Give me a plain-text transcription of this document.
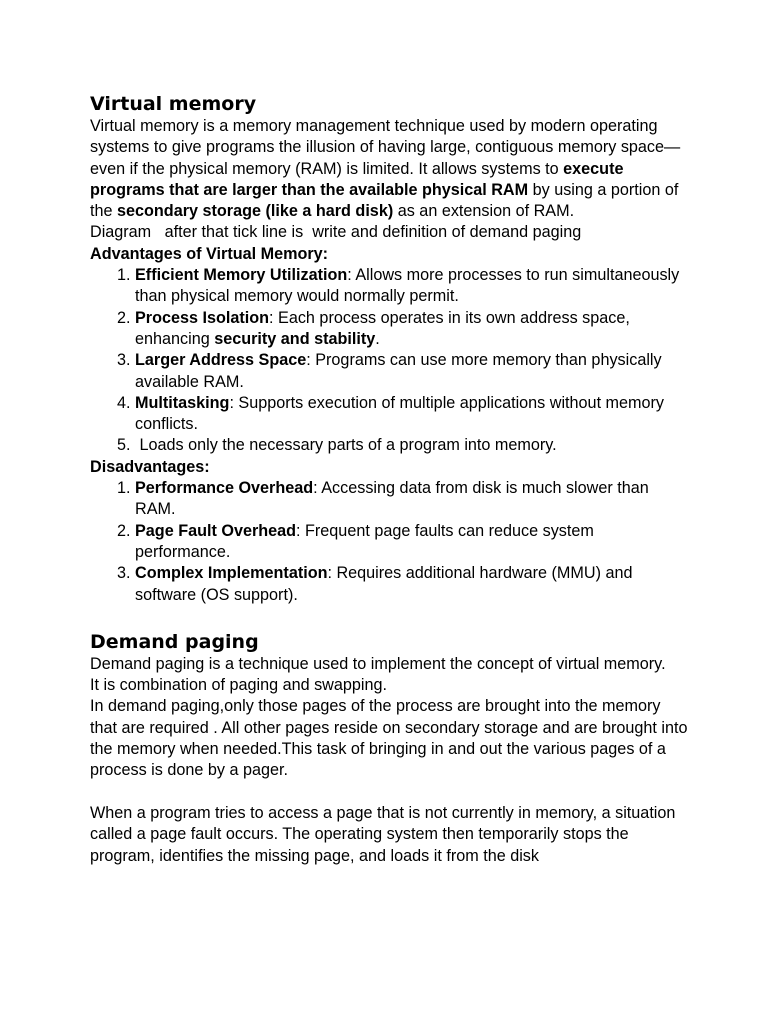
Virtual memory

Virtual memory is a memory management technique used by modern operating systems to give programs the illusion of having large, contiguous memory space—even if the physical memory (RAM) is limited. It allows systems to execute programs that are larger than the available physical RAM by using a portion of the secondary storage (like a hard disk) as an extension of RAM.

Diagram   after that tick line is  write and definition of demand paging

Advantages of Virtual Memory:

1. Efficient Memory Utilization: Allows more processes to run simultaneously than physical memory would normally permit.
2. Process Isolation: Each process operates in its own address space, enhancing security and stability.
3. Larger Address Space: Programs can use more memory than physically available RAM.
4. Multitasking: Supports execution of multiple applications without memory conflicts.
5.  Loads only the necessary parts of a program into memory.

Disadvantages:

1. Performance Overhead: Accessing data from disk is much slower than RAM.
2. Page Fault Overhead: Frequent page faults can reduce system performance.
3. Complex Implementation: Requires additional hardware (MMU) and software (OS support).
Demand paging

Demand paging is a technique used to implement the concept of virtual memory.

It is combination of paging and swapping.

In demand paging,only those pages of the process are brought into the memory that are required . All other pages reside on secondary storage and are brought into the memory when needed.This task of bringing in and out the various pages of a process is done by a pager.

When a program tries to access a page that is not currently in memory, a situation called a page fault occurs. The operating system then temporarily stops the program, identifies the missing page, and loads it from the disk
